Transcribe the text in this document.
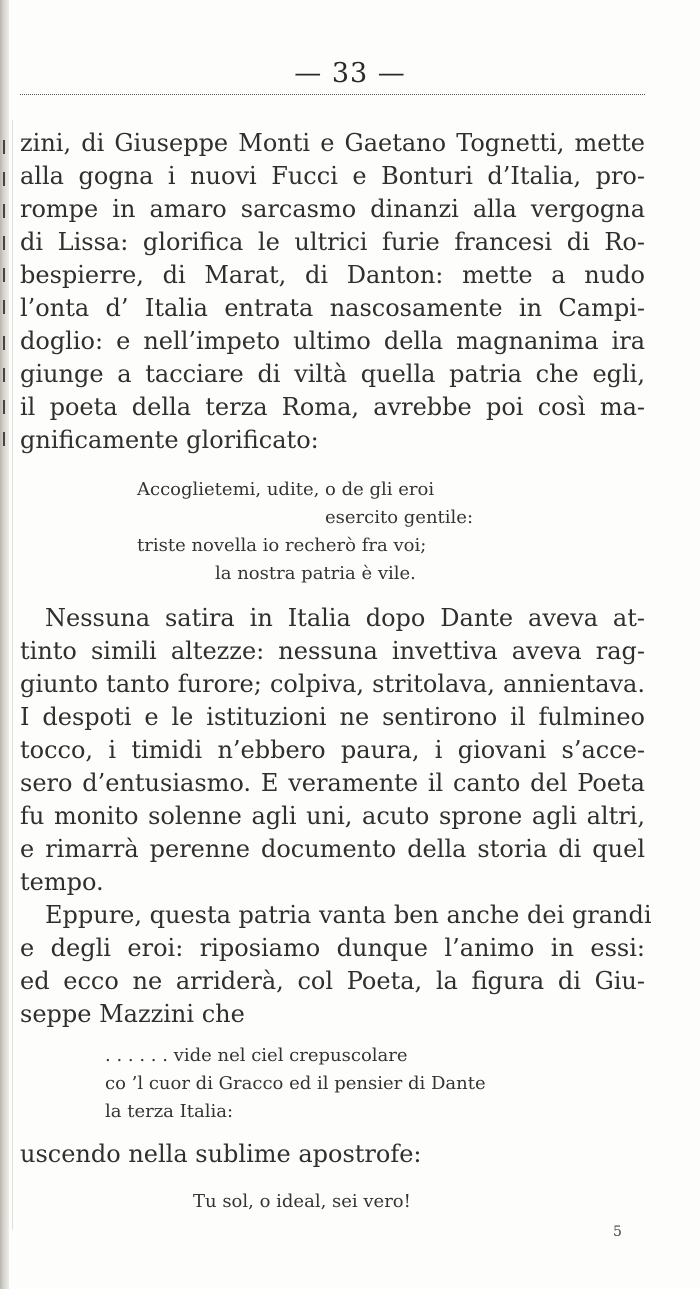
— 33 —
zini, di Giuseppe Monti e Gaetano Tognetti, mette
alla gogna i nuovi Fucci e Bonturi d’Italia, pro-
rompe in amaro sarcasmo dinanzi alla vergogna
di Lissa: glorifica le ultrici furie francesi di Ro-
bespierre, di Marat, di Danton: mette a nudo
l’onta d’ Italia entrata nascosamente in Campi-
doglio: e nell’impeto ultimo della magnanima ira
giunge a tacciare di viltà quella patria che egli,
il poeta della terza Roma, avrebbe poi così ma-
gnificamente glorificato:
Accoglietemi, udite, o de gli eroi
esercito gentile:
triste novella io recherò fra voi;
la nostra patria è vile.
Nessuna satira in Italia dopo Dante aveva at-
tinto simili altezze: nessuna invettiva aveva rag-
giunto tanto furore; colpiva, stritolava, annientava.
I despoti e le istituzioni ne sentirono il fulmineo
tocco, i timidi n’ebbero paura, i giovani s’acce-
sero d’entusiasmo. E veramente il canto del Poeta
fu monito solenne agli uni, acuto sprone agli altri,
e rimarrà perenne documento della storia di quel
tempo.
Eppure, questa patria vanta ben anche dei grandi
e degli eroi: riposiamo dunque l’animo in essi:
ed ecco ne arriderà, col Poeta, la figura di Giu-
seppe Mazzini che
. . . . . . vide nel ciel crepuscolare
co ’l cuor di Gracco ed il pensier di Dante
la terza Italia:
uscendo nella sublime apostrofe:
Tu sol, o ideal, sei vero!
5
